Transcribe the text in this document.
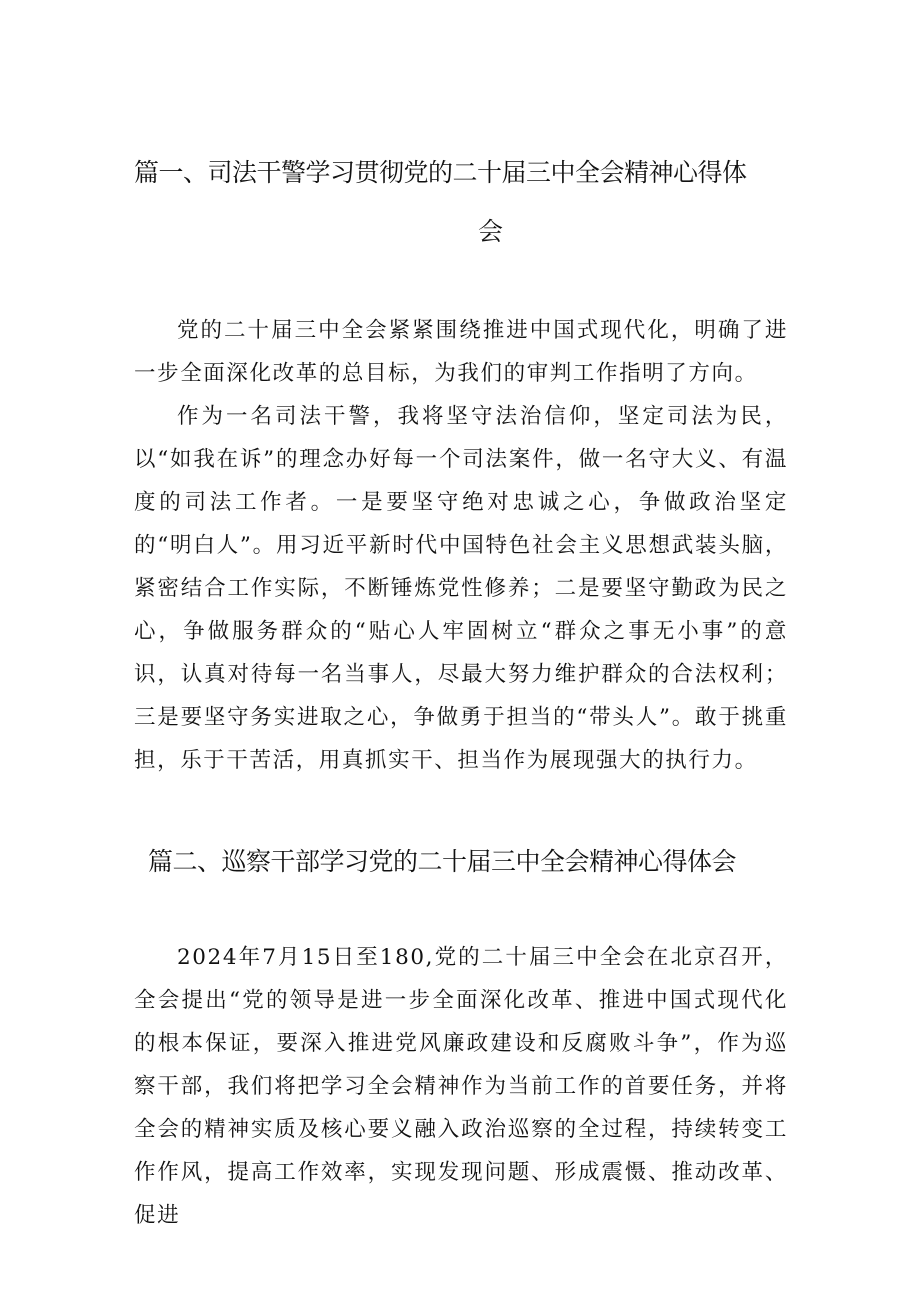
篇一、司法干警学习贯彻党的二十届三中全会精神心得体
会

党的二十届三中全会紧紧围绕推进中国式现代化，明确了进一步全面深化改革的总目标，为我们的审判工作指明了方向。

作为一名司法干警，我将坚守法治信仰，坚定司法为民，以“如我在诉”的理念办好每一个司法案件，做一名守大义、有温度的司法工作者。一是要坚守绝对忠诚之心，争做政治坚定的“明白人”。用习近平新时代中国特色社会主义思想武装头脑，紧密结合工作实际，不断锤炼党性修养；二是要坚守勤政为民之心，争做服务群众的“贴心人牢固树立“群众之事无小事”的意识，认真对待每一名当事人，尽最大努力维护群众的合法权利；三是要坚守务实进取之心，争做勇于担当的“带头人”。敢于挑重担，乐于干苦活，用真抓实干、担当作为展现强大的执行力。

篇二、巡察干部学习党的二十届三中全会精神心得体会

2024年7月15日至180,党的二十届三中全会在北京召开，全会提出“党的领导是进一步全面深化改革、推进中国式现代化的根本保证，要深入推进党风廉政建设和反腐败斗争”，作为巡察干部，我们将把学习全会精神作为当前工作的首要任务，并将全会的精神实质及核心要义融入政治巡察的全过程，持续转变工作作风，提高工作效率，实现发现问题、形成震慑、推动改革、促进
